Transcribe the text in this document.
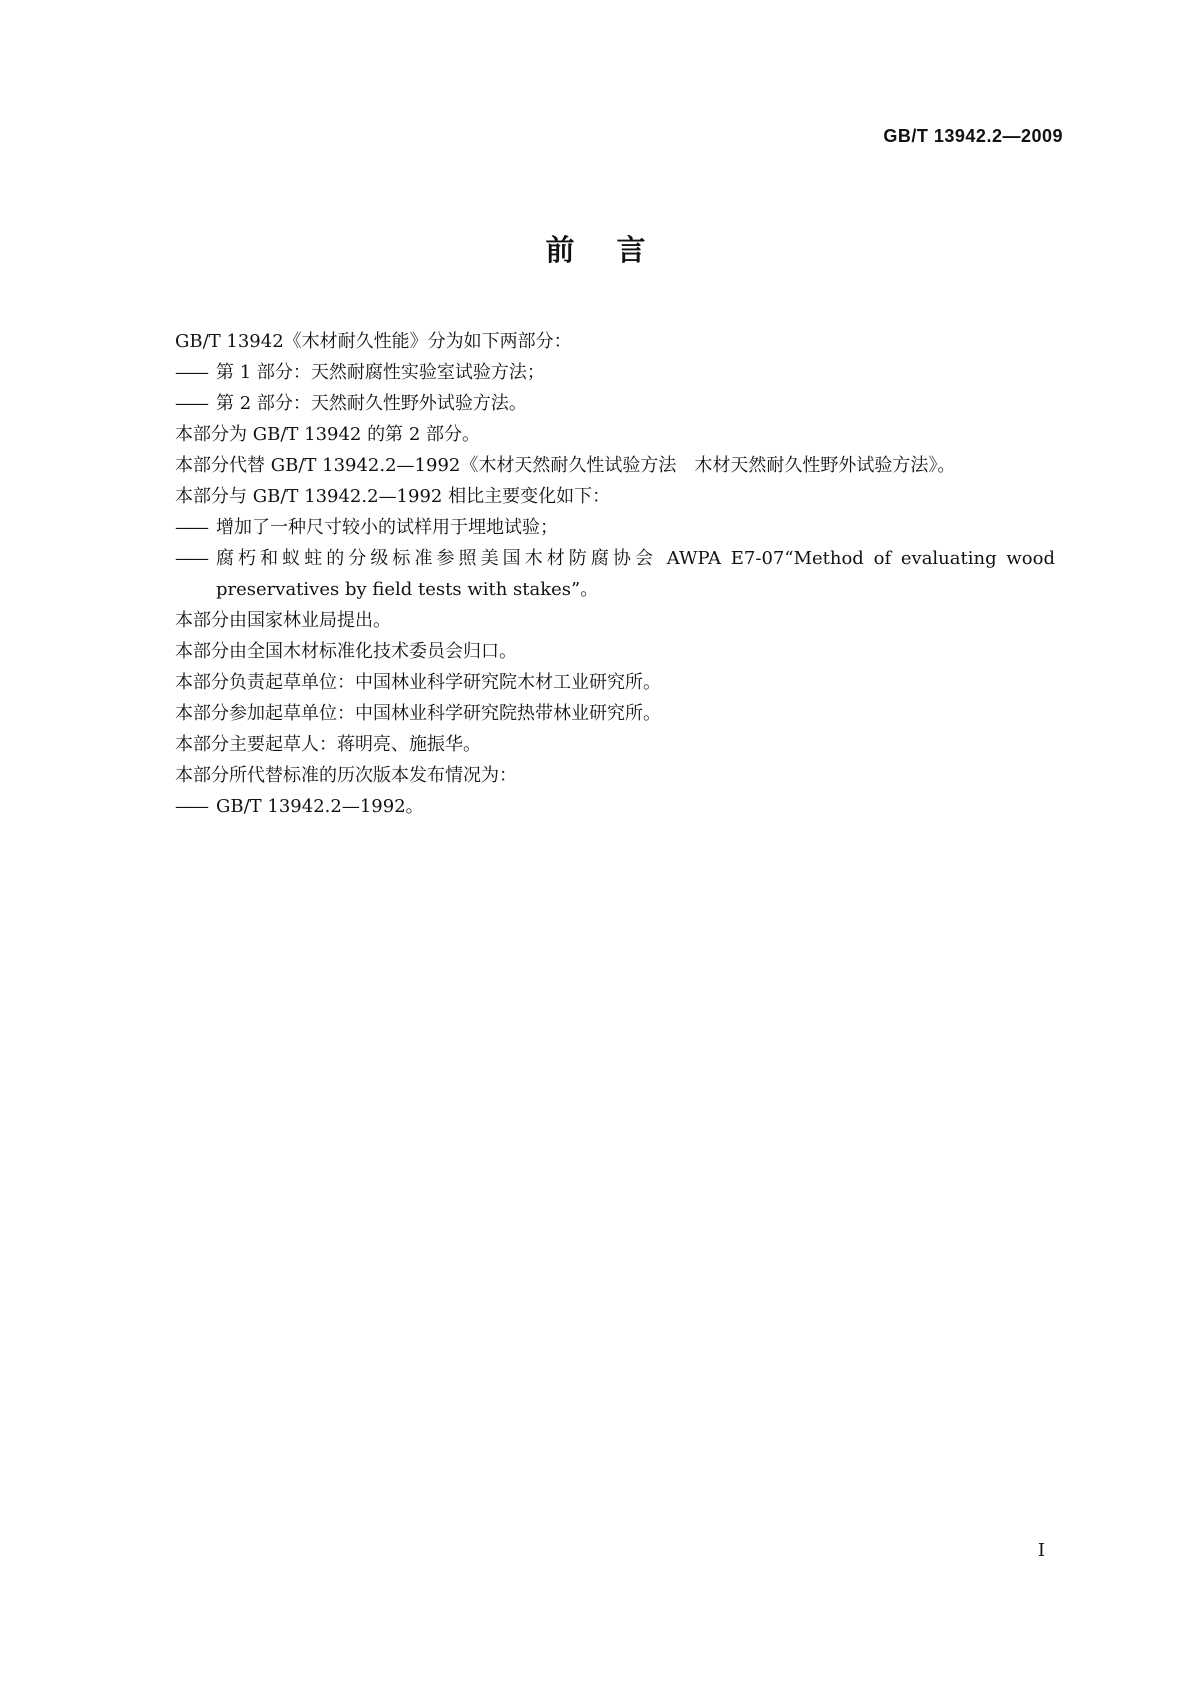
GB/T 13942.2—2009
前言
GB/T 13942《木材耐久性能》分为如下两部分：
—— 第 1 部分：天然耐腐性实验室试验方法；
—— 第 2 部分：天然耐久性野外试验方法。
本部分为 GB/T 13942 的第 2 部分。
本部分代替 GB/T 13942.2—1992《木材天然耐久性试验方法　木材天然耐久性野外试验方法》。
本部分与 GB/T 13942.2—1992 相比主要变化如下：
—— 增加了一种尺寸较小的试样用于埋地试验；
—— 腐朽和蚁蛀的分级标准参照美国木材防腐协会 AWPA E7-07“Method of evaluating wood preservatives by field tests with stakes”。
本部分由国家林业局提出。
本部分由全国木材标准化技术委员会归口。
本部分负责起草单位：中国林业科学研究院木材工业研究所。
本部分参加起草单位：中国林业科学研究院热带林业研究所。
本部分主要起草人：蒋明亮、施振华。
本部分所代替标准的历次版本发布情况为：
—— GB/T 13942.2—1992。
I
